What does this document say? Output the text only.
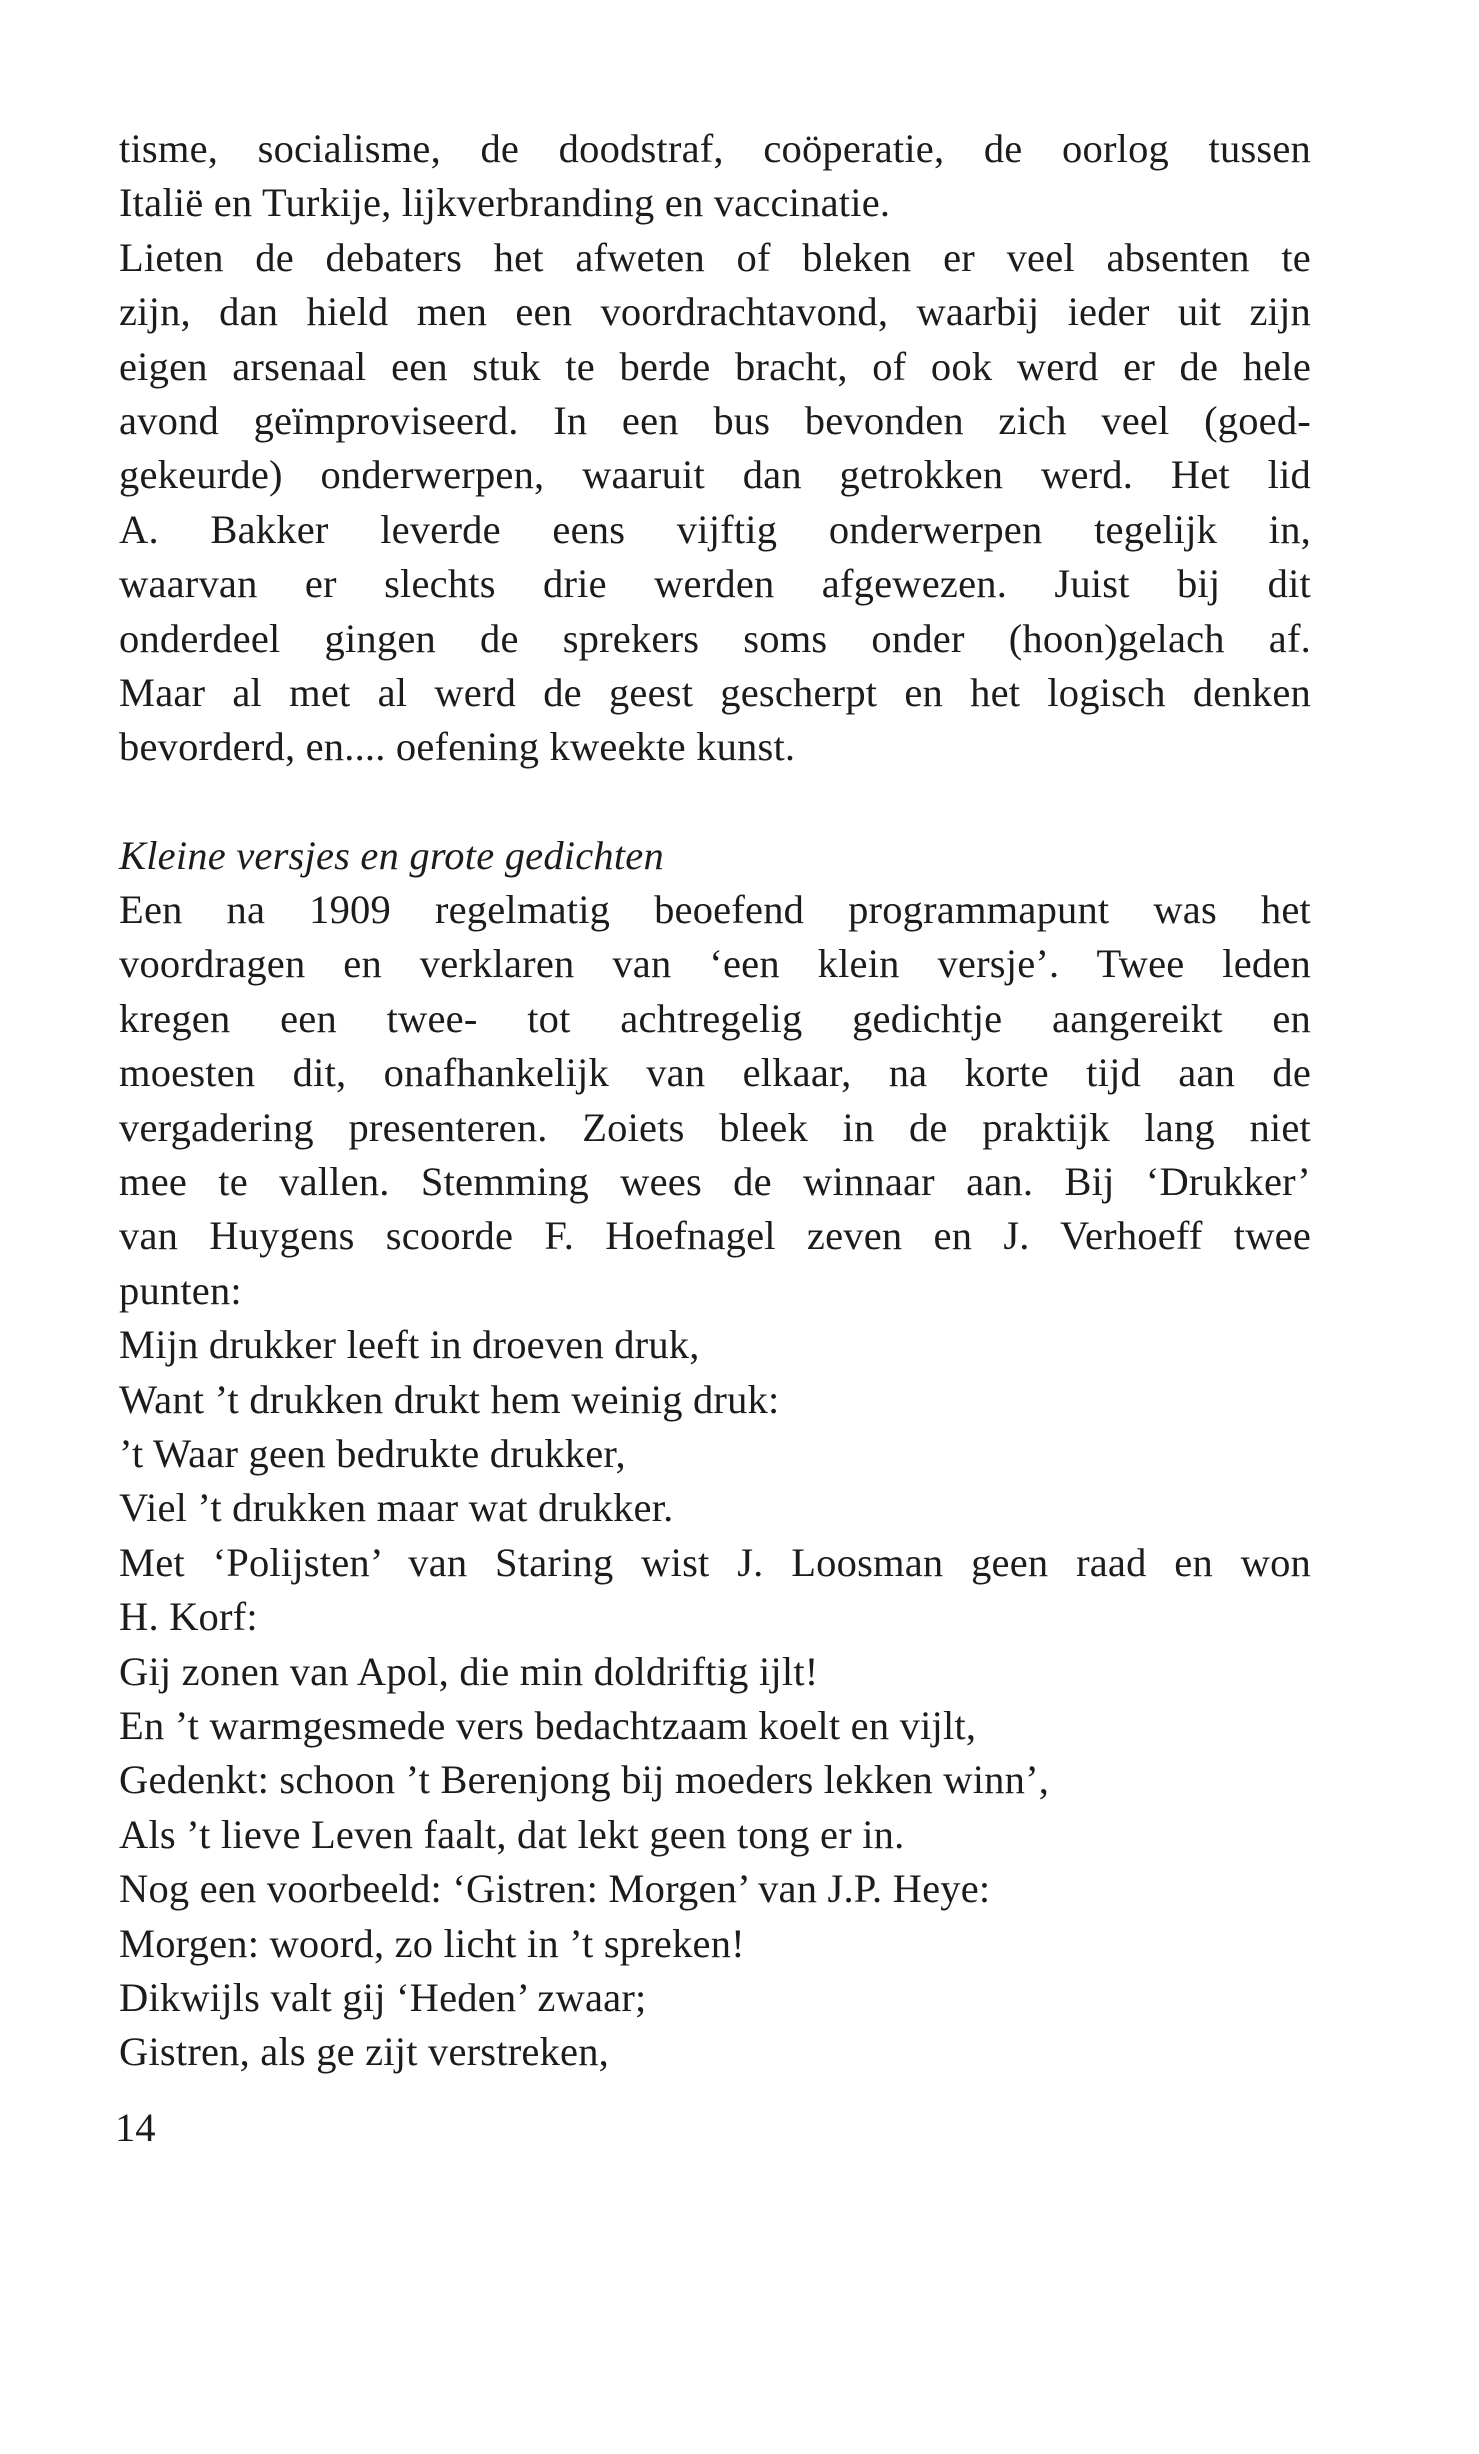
tisme, socialisme, de doodstraf, coöperatie, de oorlog tussen
Italië en Turkije, lijkverbranding en vaccinatie.
Lieten de debaters het afweten of bleken er veel absenten te
zijn, dan hield men een voordrachtavond, waarbij ieder uit zijn
eigen arsenaal een stuk te berde bracht, of ook werd er de hele
avond geïmproviseerd. In een bus bevonden zich veel (goed-
gekeurde) onderwerpen, waaruit dan getrokken werd. Het lid
A. Bakker leverde eens vijftig onderwerpen tegelijk in,
waarvan er slechts drie werden afgewezen. Juist bij dit
onderdeel gingen de sprekers soms onder (hoon)gelach af.
Maar al met al werd de geest gescherpt en het logisch denken
bevorderd, en.... oefening kweekte kunst.
Kleine versjes en grote gedichten
Een na 1909 regelmatig beoefend programmapunt was het
voordragen en verklaren van ‘een klein versje’. Twee leden
kregen een twee- tot achtregelig gedichtje aangereikt en
moesten dit, onafhankelijk van elkaar, na korte tijd aan de
vergadering presenteren. Zoiets bleek in de praktijk lang niet
mee te vallen. Stemming wees de winnaar aan. Bij ‘Drukker’
van Huygens scoorde F. Hoefnagel zeven en J. Verhoeff twee
punten:
Mijn drukker leeft in droeven druk,
Want ’t drukken drukt hem weinig druk:
’t Waar geen bedrukte drukker,
Viel ’t drukken maar wat drukker.
Met ‘Polijsten’ van Staring wist J. Loosman geen raad en won
H. Korf:
Gij zonen van Apol, die min doldriftig ijlt!
En ’t warmgesmede vers bedachtzaam koelt en vijlt,
Gedenkt: schoon ’t Berenjong bij moeders lekken winn’,
Als ’t lieve Leven faalt, dat lekt geen tong er in.
Nog een voorbeeld: ‘Gistren: Morgen’ van J.P. Heye:
Morgen: woord, zo licht in ’t spreken!
Dikwijls valt gij ‘Heden’ zwaar;
Gistren, als ge zijt verstreken,
14
